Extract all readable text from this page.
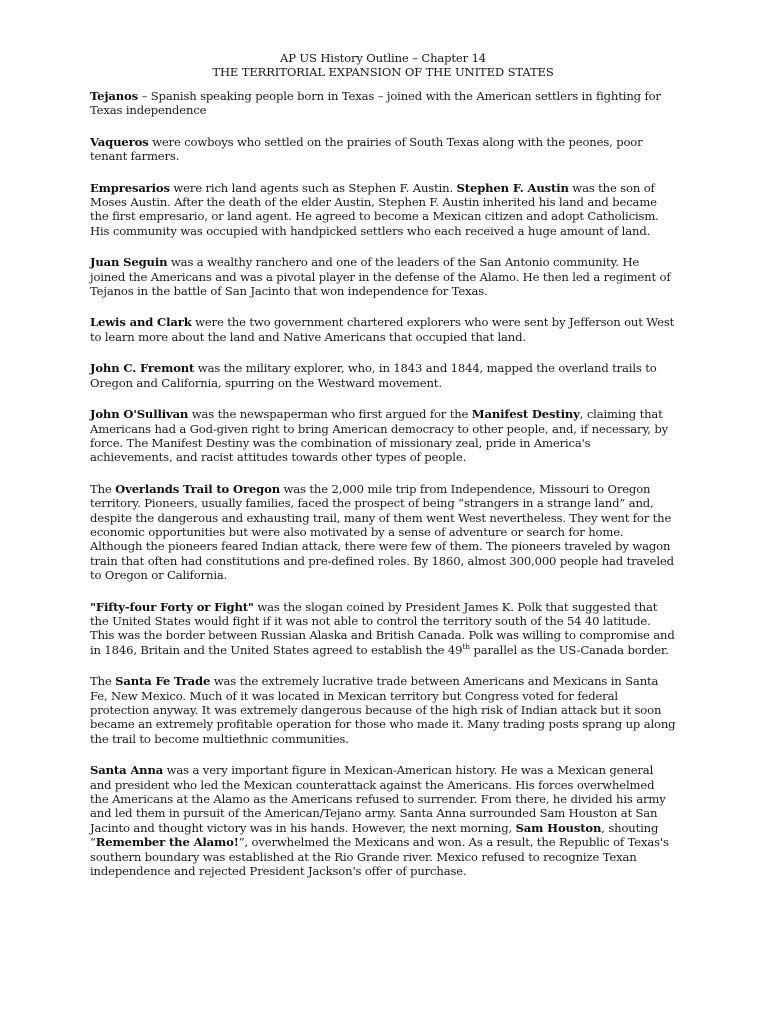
AP US History Outline – Chapter 14
THE TERRITORIAL EXPANSION OF THE UNITED STATES

Tejanos – Spanish speaking people born in Texas – joined with the American settlers in fighting for Texas independence

Vaqueros were cowboys who settled on the prairies of South Texas along with the peones, poor tenant farmers.

Empresarios were rich land agents such as Stephen F. Austin. Stephen F. Austin was the son of Moses Austin. After the death of the elder Austin, Stephen F. Austin inherited his land and became the first empresario, or land agent. He agreed to become a Mexican citizen and adopt Catholicism. His community was occupied with handpicked settlers who each received a huge amount of land.

Juan Seguin was a wealthy ranchero and one of the leaders of the San Antonio community. He joined the Americans and was a pivotal player in the defense of the Alamo. He then led a regiment of Tejanos in the battle of San Jacinto that won independence for Texas.

Lewis and Clark were the two government chartered explorers who were sent by Jefferson out West to learn more about the land and Native Americans that occupied that land.

John C. Fremont was the military explorer, who, in 1843 and 1844, mapped the overland trails to Oregon and California, spurring on the Westward movement.

John O'Sullivan was the newspaperman who first argued for the Manifest Destiny, claiming that Americans had a God-given right to bring American democracy to other people, and, if necessary, by force. The Manifest Destiny was the combination of missionary zeal, pride in America's achievements, and racist attitudes towards other types of people.

The Overlands Trail to Oregon was the 2,000 mile trip from Independence, Missouri to Oregon territory. Pioneers, usually families, faced the prospect of being “strangers in a strange land” and, despite the dangerous and exhausting trail, many of them went West nevertheless. They went for the economic opportunities but were also motivated by a sense of adventure or search for home. Although the pioneers feared Indian attack, there were few of them. The pioneers traveled by wagon train that often had constitutions and pre-defined roles. By 1860, almost 300,000 people had traveled to Oregon or California.

"Fifty-four Forty or Fight" was the slogan coined by President James K. Polk that suggested that the United States would fight if it was not able to control the territory south of the 54 40 latitude. This was the border between Russian Alaska and British Canada. Polk was willing to compromise and in 1846, Britain and the United States agreed to establish the 49th parallel as the US-Canada border.

The Santa Fe Trade was the extremely lucrative trade between Americans and Mexicans in Santa Fe, New Mexico. Much of it was located in Mexican territory but Congress voted for federal protection anyway. It was extremely dangerous because of the high risk of Indian attack but it soon became an extremely profitable operation for those who made it. Many trading posts sprang up along the trail to become multiethnic communities.

Santa Anna was a very important figure in Mexican-American history. He was a Mexican general and president who led the Mexican counterattack against the Americans. His forces overwhelmed the Americans at the Alamo as the Americans refused to surrender. From there, he divided his army and led them in pursuit of the American/Tejano army. Santa Anna surrounded Sam Houston at San Jacinto and thought victory was in his hands. However, the next morning, Sam Houston, shouting “Remember the Alamo!”, overwhelmed the Mexicans and won. As a result, the Republic of Texas's southern boundary was established at the Rio Grande river. Mexico refused to recognize Texan independence and rejected President Jackson's offer of purchase.
